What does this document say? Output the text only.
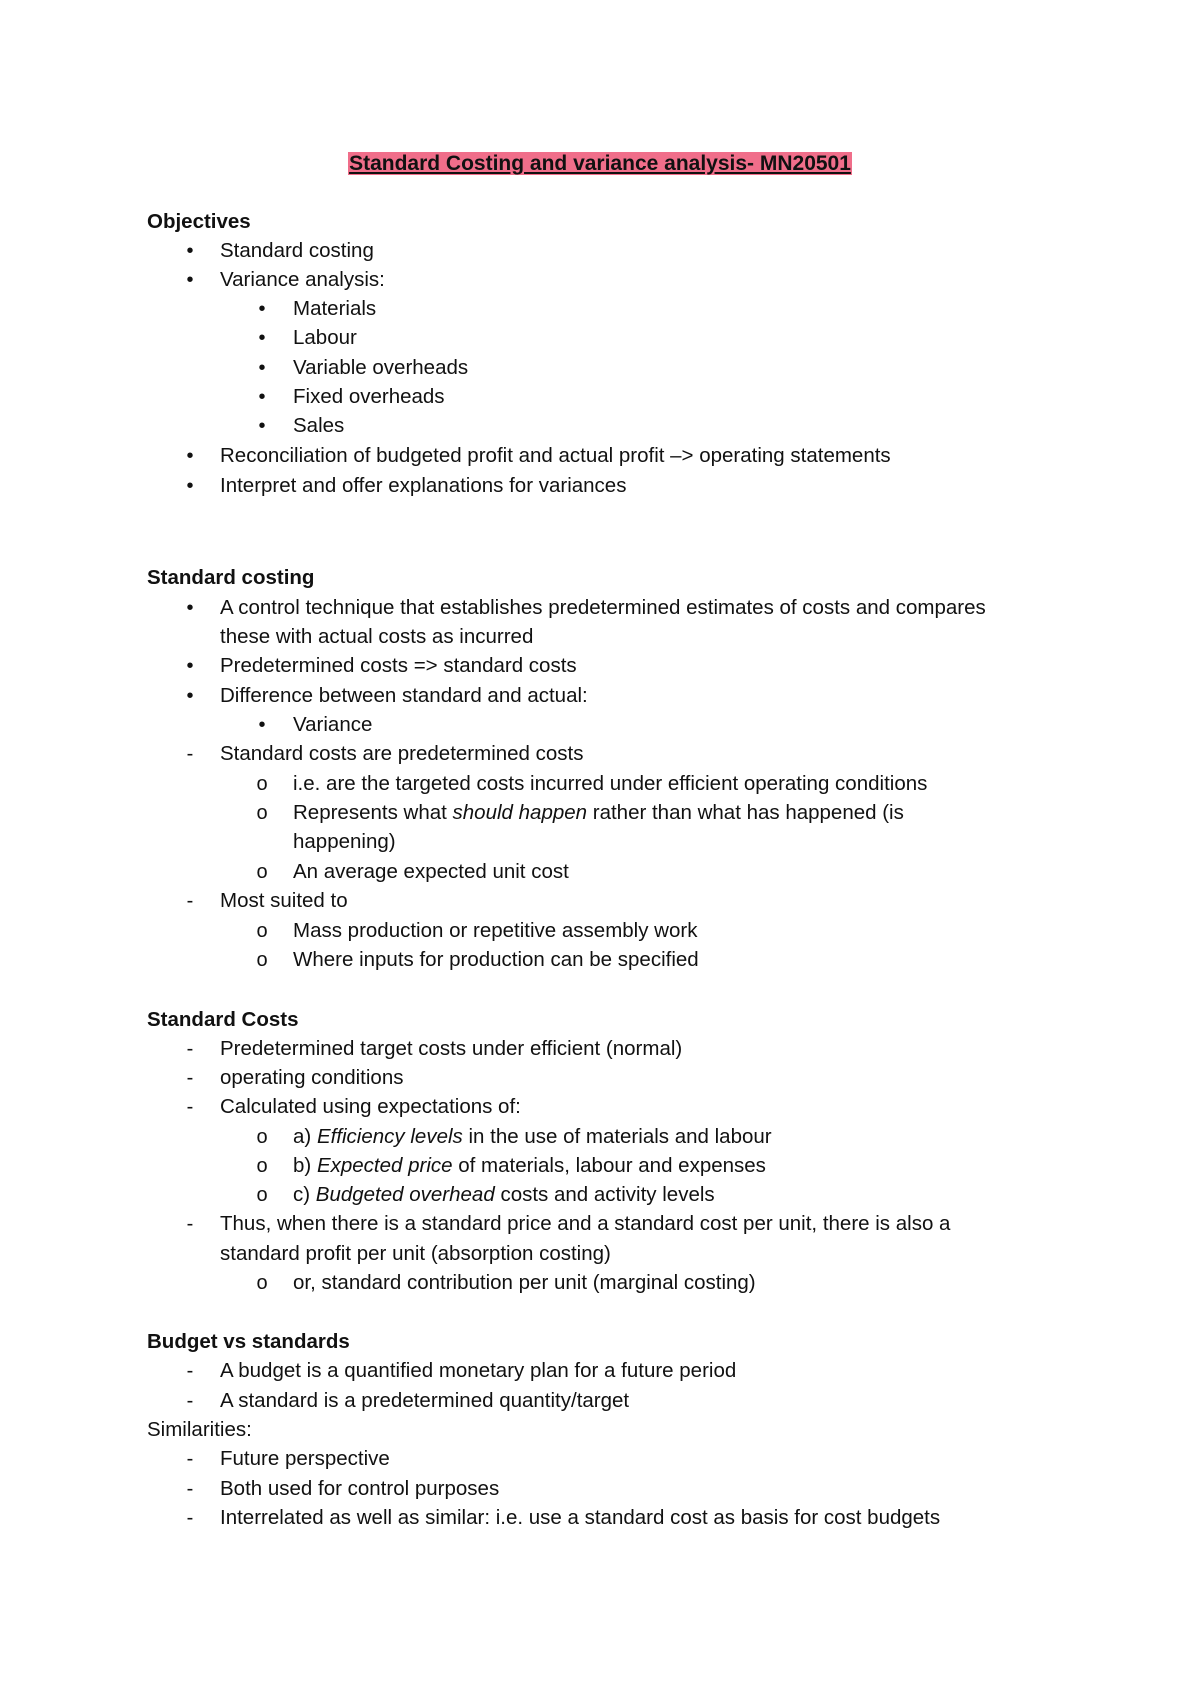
Standard Costing and variance analysis- MN20501
Objectives
•
Standard costing
•
Variance analysis:
•
Materials
•
Labour
•
Variable overheads
•
Fixed overheads
•
Sales
•
Reconciliation of budgeted profit and actual profit –> operating statements
•
Interpret and offer explanations for variances
Standard costing
•
A control technique that establishes predetermined estimates of costs and compares
these with actual costs as incurred
•
Predetermined costs => standard costs
•
Difference between standard and actual:
•
Variance
-
Standard costs are predetermined costs
o
i.e. are the targeted costs incurred under efficient operating conditions
o
Represents what should happen rather than what has happened (is
happening)
o
An average expected unit cost
-
Most suited to
o
Mass production or repetitive assembly work
o
Where inputs for production can be specified
Standard Costs
-
Predetermined target costs under efficient (normal)
-
operating conditions
-
Calculated using expectations of:
o
a) Efficiency levels in the use of materials and labour
o
b) Expected price of materials, labour and expenses
o
c) Budgeted overhead costs and activity levels
-
Thus, when there is a standard price and a standard cost per unit, there is also a
standard profit per unit (absorption costing)
o
or, standard contribution per unit (marginal costing)
Budget vs standards
-
A budget is a quantified monetary plan for a future period
-
A standard is a predetermined quantity/target
Similarities:
-
Future perspective
-
Both used for control purposes
-
Interrelated as well as similar: i.e. use a standard cost as basis for cost budgets
